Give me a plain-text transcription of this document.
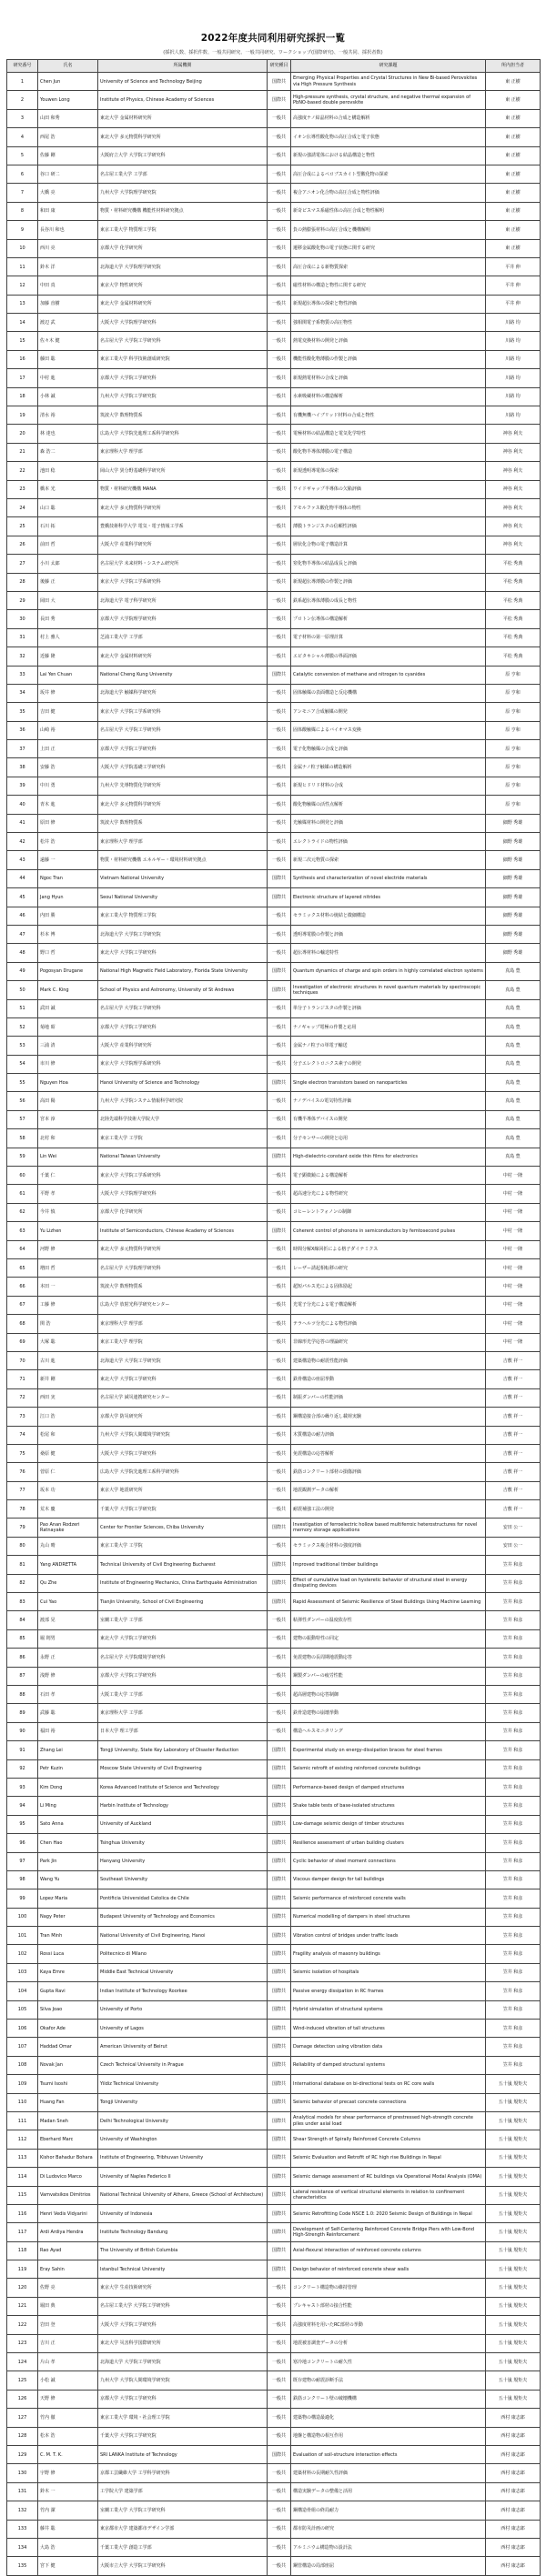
2022年度共同利用研究採択一覧
(採択人数、採択件数、一般共同研究、一般共同研究、ワークショップ(国際研究)、一般共同、採択者数)
研究番号	氏名	所属機関	研究種目	研究課題	所内担当者
1	Chen Jun	University of Science and Technology Beijing	国際共	Emerging Physical Properties and Crystal Structures in New Bi-based Perovskites via High Pressure Synthesis	東 正樹
2	Youwen Long	Institute of Physics, Chinese Academy of Sciences	国際共	High-pressure synthesis, crystal structure, and negative thermal expansion of PbNO-based double perovskite	東 正樹
3	山田 和秀	東北大学 金属材料研究所	一般共	高強度ナノ結晶材料の合成と構造解析	東 正樹
4	西尾 浩	東北大学 多元物質科学研究所	一般共	イオン伝導性酸化物の高圧合成と電子状態	東 正樹
5	佐藤 剛	大阪府立大学 大学院工学研究科	一般共	新規の強誘電体における結晶構造と物性	東 正樹
6	谷口 研二	名古屋工業大学 工学部	一般共	高圧合成によるペロブスカイト型酸化物の探索	東 正樹
7	大橋 亮	九州大学 大学院理学研究院	一般共	複合アニオン化合物の高圧合成と物性評価	東 正樹
8	和田 康	物質・材料研究機構 機能性材料研究拠点	一般共	新奇ビスマス系磁性体の高圧合成と物性解明	東 正樹
9	長谷川 和也	東京工業大学 物質理工学院	一般共	負の熱膨張材料の高圧合成と機構解明	東 正樹
10	西川 亮	京都大学 化学研究所	一般共	遷移金属酸化物の電子状態に関する研究	東 正樹
11	鈴木 洋	北海道大学 大学院理学研究院	一般共	高圧合成による新物質探索	平井 伸
12	中田 真	東京大学 物性研究所	一般共	磁性材料の構造と物性に関する研究	平井 伸
13	加藤 直樹	東北大学 金属材料研究所	一般共	新規超伝導体の探索と物性評価	平井 伸
14	渡辺 武	大阪大学 大学院理学研究科	一般共	強相関電子系物質の高圧物性	川路 均
15	佐々木 健	名古屋大学 大学院工学研究科	一般共	熱電変換材料の開発と評価	川路 均
16	藤田 聡	東京工業大学 科学技術創成研究院	一般共	機能性酸化物薄膜の作製と評価	川路 均
17	中村 進	京都大学 大学院工学研究科	一般共	新規熱電材料の合成と評価	川路 均
18	小林 誠	九州大学 大学院工学研究院	一般共	水素吸蔵材料の構造解析	川路 均
19	清水 裕	筑波大学 数理物質系	一般共	有機無機ハイブリッド材料の合成と物性	川路 均
20	林 達也	広島大学 大学院先進理工系科学研究科	一般共	電極材料の結晶構造と電気化学特性	神谷 利夫
21	森 浩二	東京理科大学 理学部	一般共	酸化物半導体薄膜の電子構造	神谷 利夫
22	池田 稔	岡山大学 異分野基礎科学研究所	一般共	新規透明導電体の探索	神谷 利夫
23	橋本 光	物質・材料研究機構 MANA	一般共	ワイドギャップ半導体の欠陥評価	神谷 利夫
24	山口 聡	東北大学 多元物質科学研究所	一般共	アモルファス酸化物半導体の物性	神谷 利夫
25	石川 拓	豊橋技術科学大学 電気・電子情報工学系	一般共	薄膜トランジスタの信頼性評価	神谷 利夫
26	前田 哲	大阪大学 産業科学研究所	一般共	層状化合物の電子構造計算	神谷 利夫
27	小川 太郎	名古屋大学 未来材料・システム研究所	一般共	窒化物半導体の結晶成長と評価	平松 秀典
28	後藤 正	東京大学 大学院工学系研究科	一般共	新規超伝導薄膜の作製と評価	平松 秀典
29	岡田 大	北海道大学 電子科学研究所	一般共	鉄系超伝導体薄膜の成長と物性	平松 秀典
30	長田 秀	京都大学 大学院理学研究科	一般共	プロトン伝導体の構造解析	平松 秀典
31	村上 雅人	芝浦工業大学 工学部	一般共	電子材料の第一原理計算	平松 秀典
32	近藤 隆	東北大学 金属材料研究所	一般共	エピタキシャル薄膜の界面評価	平松 秀典
33	Lai Yen Chuan	National Cheng Kung University	国際共	Catalytic conversion of methane and nitrogen to cyanides	原 亨和
34	坂井 修	北海道大学 触媒科学研究所	一般共	固体触媒の表面構造と反応機構	原 亨和
35	吉田 健	東京大学 大学院工学系研究科	一般共	アンモニア合成触媒の開発	原 亨和
36	山崎 裕	名古屋大学 大学院工学研究科	一般共	固体酸触媒によるバイオマス変換	原 亨和
37	上田 正	京都大学 大学院工学研究科	一般共	電子化物触媒の合成と評価	原 亨和
38	安藤 浩	大阪大学 大学院基礎工学研究科	一般共	金属ナノ粒子触媒の構造解析	原 亨和
39	中川 勇	九州大学 先導物質化学研究所	一般共	新規ヒドリド材料の合成	原 亨和
40	青木 進	東北大学 多元物質科学研究所	一般共	酸化物触媒の活性点解析	原 亨和
41	原田 修	筑波大学 数理物質系	一般共	光触媒材料の開発と評価	細野 秀雄
42	松井 浩	東京理科大学 理学部	一般共	エレクトライドの物性評価	細野 秀雄
43	遠藤 一	物質・材料研究機構 エネルギー・環境材料研究拠点	一般共	新規二次元物質の探索	細野 秀雄
44	Ngoc Tran	Vietnam National University	国際共	Synthesis and characterization of novel electride materials	細野 秀雄
45	Jang Hyun	Seoul National University	国際共	Electronic structure of layered nitrides	細野 秀雄
46	内田 勝	東京工業大学 物質理工学院	一般共	セラミックス材料の焼結と微細構造	細野 秀雄
47	杉本 博	北海道大学 大学院工学研究院	一般共	透明導電膜の作製と評価	細野 秀雄
48	野口 哲	東北大学 大学院工学研究科	一般共	超伝導材料の輸送特性	細野 秀雄
49	Pogosyan Drugane	National High Magnetic Field Laboratory, Florida State University	国際共	Quantum dynamics of charge and spin orders in highly correlated electron systems	真島 豊
50	Mark C. King	School of Physics and Astronomy, University of St Andrews	国際共	Investigation of electronic structures in novel quantum materials by spectroscopic techniques	真島 豊
51	武田 誠	名古屋大学 大学院工学研究科	一般共	単分子トランジスタの作製と評価	真島 豊
52	菊地 昭	京都大学 大学院工学研究科	一般共	ナノギャップ電極の作製と応用	真島 豊
53	三浦 清	大阪大学 産業科学研究所	一般共	金属ナノ粒子の単電子輸送	真島 豊
54	市川 修	東京大学 大学院理学系研究科	一般共	分子エレクトロニクス素子の開発	真島 豊
55	Nguyen Hoa	Hanoi University of Science and Technology	国際共	Single electron transistors based on nanoparticles	真島 豊
56	高田 陽	九州大学 大学院システム情報科学研究院	一般共	ナノデバイスの電気特性評価	真島 豊
57	宮本 淳	北陸先端科学技術大学院大学	一般共	有機半導体デバイスの開発	真島 豊
58	北村 和	東京工業大学 工学院	一般共	分子センサーの開発と応用	真島 豊
59	Lin Wei	National Taiwan University	国際共	High-dielectric-constant oxide thin films for electronics	真島 豊
60	千葉 仁	東京大学 大学院工学系研究科	一般共	電子顕微鏡による構造解析	中村 一隆
61	平野 孝	大阪大学 大学院理学研究科	一般共	超高速分光による物性研究	中村 一隆
62	今井 慎	京都大学 化学研究所	一般共	コヒーレントフォノンの制御	中村 一隆
63	Yu Lizhen	Institute of Semiconductors, Chinese Academy of Sciences	国際共	Coherent control of phonons in semiconductors by femtosecond pulses	中村 一隆
64	河野 修	東北大学 多元物質科学研究所	一般共	時間分解X線回折による格子ダイナミクス	中村 一隆
65	増田 哲	名古屋大学 大学院理学研究科	一般共	レーザー誘起相転移の研究	中村 一隆
66	本田 一	筑波大学 数理物質系	一般共	超短パルス光による固体励起	中村 一隆
67	工藤 修	広島大学 放射光科学研究センター	一般共	光電子分光による電子構造解析	中村 一隆
68	関 浩	東京理科大学 理学部	一般共	テラヘルツ分光による物性評価	中村 一隆
69	大塚 聡	東京工業大学 理学院	一般共	非線形光学応答の理論研究	中村 一隆
70	古川 進	北海道大学 大学院工学研究院	一般共	建築構造物の耐震性能評価	吉敷 祥一
71	新井 剛	東北大学 大学院工学研究科	一般共	鉄骨構造の座屈挙動	吉敷 祥一
72	西田 実	名古屋大学 減災連携研究センター	一般共	制振ダンパーの性能評価	吉敷 祥一
73	江口 浩	京都大学 防災研究所	一般共	鋼構造接合部の繰り返し載荷実験	吉敷 祥一
74	松尾 和	九州大学 大学院人間環境学研究院	一般共	木質構造の耐力評価	吉敷 祥一
75	桑原 健	大阪大学 大学院工学研究科	一般共	免震構造の応答解析	吉敷 祥一
76	菅原 仁	広島大学 大学院先進理工系科学研究科	一般共	鉄筋コンクリート部材の損傷評価	吉敷 祥一
77	坂本 功	東京大学 地震研究所	一般共	地震観測データの解析	吉敷 祥一
78	荒木 慶	千葉大学 大学院工学研究院	一般共	耐震補強工法の開発	吉敷 祥一
79	Pao Anan Rodzeri Ratnayake	Center for Frontier Sciences, Chiba University	国際共	Investigation of ferroelectric hollow based multiferroic heterostructures for novel memory storage applications	安田 公一
80	丸山 晴	東京工業大学 工学院	一般共	セラミックス複合材料の強度評価	安田 公一
81	Yang ANDRETTA	Technical University of Civil Engineering Bucharest	国際共	Improved traditional timber buildings	笠井 和彦
82	Qu Zhe	Institute of Engineering Mechanics, China Earthquake Administration	国際共	Effect of cumulative load on hysteretic behavior of structural steel in energy dissipating devices	笠井 和彦
83	Cui Yao	Tianjin University, School of Civil Engineering	国際共	Rapid Assessment of Seismic Resilience of Steel Buildings Using Machine Learning	笠井 和彦
84	渡部 晃	室蘭工業大学 工学部	一般共	粘弾性ダンパーの温度依存性	笠井 和彦
85	堀 則男	東北大学 大学院工学研究科	一般共	建物の振動特性の同定	笠井 和彦
86	永野 正	名古屋大学 大学院環境学研究科	一般共	免震建物の長周期地震動応答	笠井 和彦
87	浅野 修	京都大学 大学院工学研究科	一般共	鋼製ダンパーの疲労性能	笠井 和彦
88	石田 孝	大阪工業大学 工学部	一般共	超高層建物の応答制御	笠井 和彦
89	武藤 聡	東京理科大学 工学部	一般共	鉄骨造建物の崩壊挙動	笠井 和彦
90	福田 裕	日本大学 理工学部	一般共	構造ヘルスモニタリング	笠井 和彦
91	Zhang Lei	Tongji University, State Key Laboratory of Disaster Reduction	国際共	Experimental study on energy-dissipation braces for steel frames	笠井 和彦
92	Petr Kuzin	Moscow State University of Civil Engineering	国際共	Seismic retrofit of existing reinforced concrete buildings	笠井 和彦
93	Kim Dong	Korea Advanced Institute of Science and Technology	国際共	Performance-based design of damped structures	笠井 和彦
94	Li Ming	Harbin Institute of Technology	国際共	Shake table tests of base-isolated structures	笠井 和彦
95	Sato Anna	University of Auckland	国際共	Low-damage seismic design of timber structures	笠井 和彦
96	Chen Hao	Tsinghua University	国際共	Resilience assessment of urban building clusters	笠井 和彦
97	Park Jin	Hanyang University	国際共	Cyclic behavior of steel moment connections	笠井 和彦
98	Wang Yu	Southeast University	国際共	Viscous damper design for tall buildings	笠井 和彦
99	Lopez Maria	Pontificia Universidad Catolica de Chile	国際共	Seismic performance of reinforced concrete walls	笠井 和彦
100	Nagy Peter	Budapest University of Technology and Economics	国際共	Numerical modelling of dampers in steel structures	笠井 和彦
101	Tran Minh	National University of Civil Engineering, Hanoi	国際共	Vibration control of bridges under traffic loads	笠井 和彦
102	Rossi Luca	Politecnico di Milano	国際共	Fragility analysis of masonry buildings	笠井 和彦
103	Kaya Emre	Middle East Technical University	国際共	Seismic isolation of hospitals	笠井 和彦
104	Gupta Ravi	Indian Institute of Technology Roorkee	国際共	Passive energy dissipation in RC frames	笠井 和彦
105	Silva Joao	University of Porto	国際共	Hybrid simulation of structural systems	笠井 和彦
106	Okafor Ade	University of Lagos	国際共	Wind-induced vibration of tall structures	笠井 和彦
107	Haddad Omar	American University of Beirut	国際共	Damage detection using vibration data	笠井 和彦
108	Novak Jan	Czech Technical University in Prague	国際共	Reliability of damped structural systems	笠井 和彦
109	Tsumi Isoshi	Yildiz Technical University	国際共	International database on bi-directional tests on RC core walls	五十嵐 規矩夫
110	Huang Fan	Tongji University	国際共	Seismic behavior of precast concrete connections	五十嵐 規矩夫
111	Madan Sneh	Delhi Technological University	国際共	Analytical models for shear performance of prestressed high-strength concrete piles under axial load	五十嵐 規矩夫
112	Eberhard Marc	University of Washington	国際共	Shear Strength of Spirally Reinforced Concrete Columns	五十嵐 規矩夫
113	Kishor Bahadur Bohara	Institute of Engineering, Tribhuvan University	国際共	Seismic Evaluation and Retrofit of RC high rise Buildings in Nepal	五十嵐 規矩夫
114	Di Ludovico Marco	University of Naples Federico II	国際共	Seismic damage assessment of RC buildings via Operational Modal Analysis (OMA)	五十嵐 規矩夫
115	Vamvatsikos Dimitrios	National Technical University of Athens, Greece (School of Architecture)	国際共	Lateral resistance of vertical structural elements in relation to confinement characteristics	五十嵐 規矩夫
116	Henri Vedis Vidyarini	University of Indonesia	国際共	Seismic Retrofitting Code NSCE 1.0: 2020 Seismic Design of Buildings in Nepal	五十嵐 規矩夫
117	Ardi Ardiya Hendra	Institute Technology Bandung	国際共	Development of Self-Centering Reinforced Concrete Bridge Piers with Low-Bond High-Strength Reinforcement	五十嵐 規矩夫
118	Rao Ayad	The University of British Columbia	国際共	Axial-flexural interaction of reinforced concrete columns	五十嵐 規矩夫
119	Eray Sahin	Istanbul Technical University	国際共	Design behavior of reinforced concrete shear walls	五十嵐 規矩夫
120	佐野 亮	東京大学 生産技術研究所	一般共	コンクリート構造物の維持管理	五十嵐 規矩夫
121	堀田 典	名古屋工業大学 大学院工学研究科	一般共	プレキャスト部材の接合性能	五十嵐 規矩夫
122	岩田 登	大阪大学 大学院工学研究科	一般共	高強度材料を用いたRC部材の挙動	五十嵐 規矩夫
123	吉川 正	東北大学 災害科学国際研究所	一般共	地震被害調査データの分析	五十嵐 規矩夫
124	片山 孝	北海道大学 大学院工学研究院	一般共	寒冷地コンクリートの耐久性	五十嵐 規矩夫
125	小松 誠	九州大学 大学院人間環境学研究院	一般共	既存建物の耐震診断手法	五十嵐 規矩夫
126	天野 修	京都大学 大学院工学研究科	一般共	鉄筋コンクリート壁の破壊機構	五十嵐 規矩夫
127	竹内 徹	東京工業大学 環境・社会理工学院	一般共	建築物の構造最適化	西村 康志郎
128	松本 浩	千葉大学 大学院工学研究院	一般共	地盤と構造物の相互作用	西村 康志郎
129	C. M. T. K.	SRI LANKA Institute of Technology	国際共	Evaluation of soil-structure interaction effects	西村 康志郎
130	宇野 修	京都工芸繊維大学 工学科学研究科	一般共	建築材料の長期耐久性評価	西村 康志郎
131	鈴木 一	工学院大学 建築学部	一般共	構造実験データの整備と活用	西村 康志郎
132	竹内 潔	室蘭工業大学 大学院工学研究科	一般共	鋼構造骨組の終局耐力	西村 康志郎
133	藤井 聡	東京都市大学 建築都市デザイン学部	一般共	都市防災計画の研究	西村 康志郎
134	大島 浩	千葉工業大学 創造工学部	一般共	アルミニウム構造物の設計法	西村 康志郎
135	宮下 健	大阪市立大学 大学院工学研究科	一般共	鋼管構造の局部座屈	西村 康志郎
